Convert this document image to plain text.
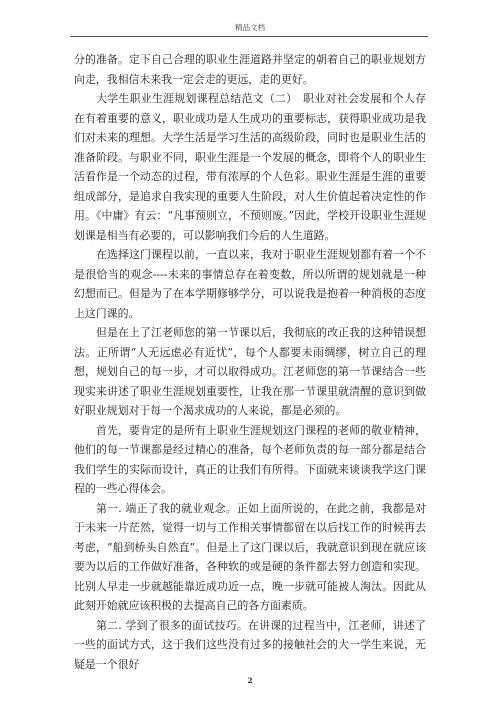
精品文档

分的准备。定下自己合理的职业生涯道路并坚定的朝着自己的职业规划方向走，我相信未来我一定会走的更远，走的更好。

大学生职业生涯规划课程总结范文（二）　职业对社会发展和个人存在有着重要的意义，职业成功是人生成功的重要标志，获得职业成功是我们对未来的理想。大学生活是学习生活的高级阶段，同时也是职业生活的准备阶段。与职业不同，职业生涯是一个发展的概念，即将个人的职业生活看作是一个动态的过程，带有浓厚的个人色彩。职业生涯是生涯的重要组成部分，是追求自我实现的重要人生阶段，对人生价值起着决定性的作用。《中庸》有云：“凡事预则立，不预则废。”因此，学校开设职业生涯规划课是相当有必要的，可以影响我们今后的人生道路。

在选择这门课程以前，一直以来，我对于职业生涯规划都有着一个不是很恰当的观念----未来的事情总存在着变数，所以所谓的规划就是一种幻想而已。但是为了在本学期修够学分，可以说我是抱着一种消极的态度上这门课的。

但是在上了江老师您的第一节课以后，我彻底的改正我的这种错误想法。正所谓“人无远虑必有近忧”，每个人都要未雨绸缪，树立自己的理想，规划自己的每一步，才可以取得成功。江老师您的第一节课结合一些现实来讲述了职业生涯规划重要性，让我在那一节课里就清醒的意识到做好职业规划对于每一个渴求成功的人来说，都是必须的。

首先，要肯定的是所有上职业生涯规划这门课程的老师的敬业精神，他们的每一节课都是经过精心的准备，每个老师负责的每一部分都是结合我们学生的实际而设计，真正的让我们有所得。下面就来谈谈我学这门课程的一些心得体会。

第一. 端正了我的就业观念。正如上面所说的，在此之前，我都是对于未来一片茫然，觉得一切与工作相关事情都留在以后找工作的时候再去考虑，“船到桥头自然直”。但是上了这门课以后，我就意识到现在就应该要为以后的工作做好准备，各种软的或是硬的条件都去努力创造和实现。比别人早走一步就越能靠近成功近一点，晚一步就可能被人淘汰。因此从此刻开始就应该积极的去提高自己的各方面素质。

第二. 学到了很多的面试技巧。在讲课的过程当中，江老师，讲述了一些的面试方式，这于我们这些没有过多的接触社会的大一学生来说，无疑是一个很好

2
